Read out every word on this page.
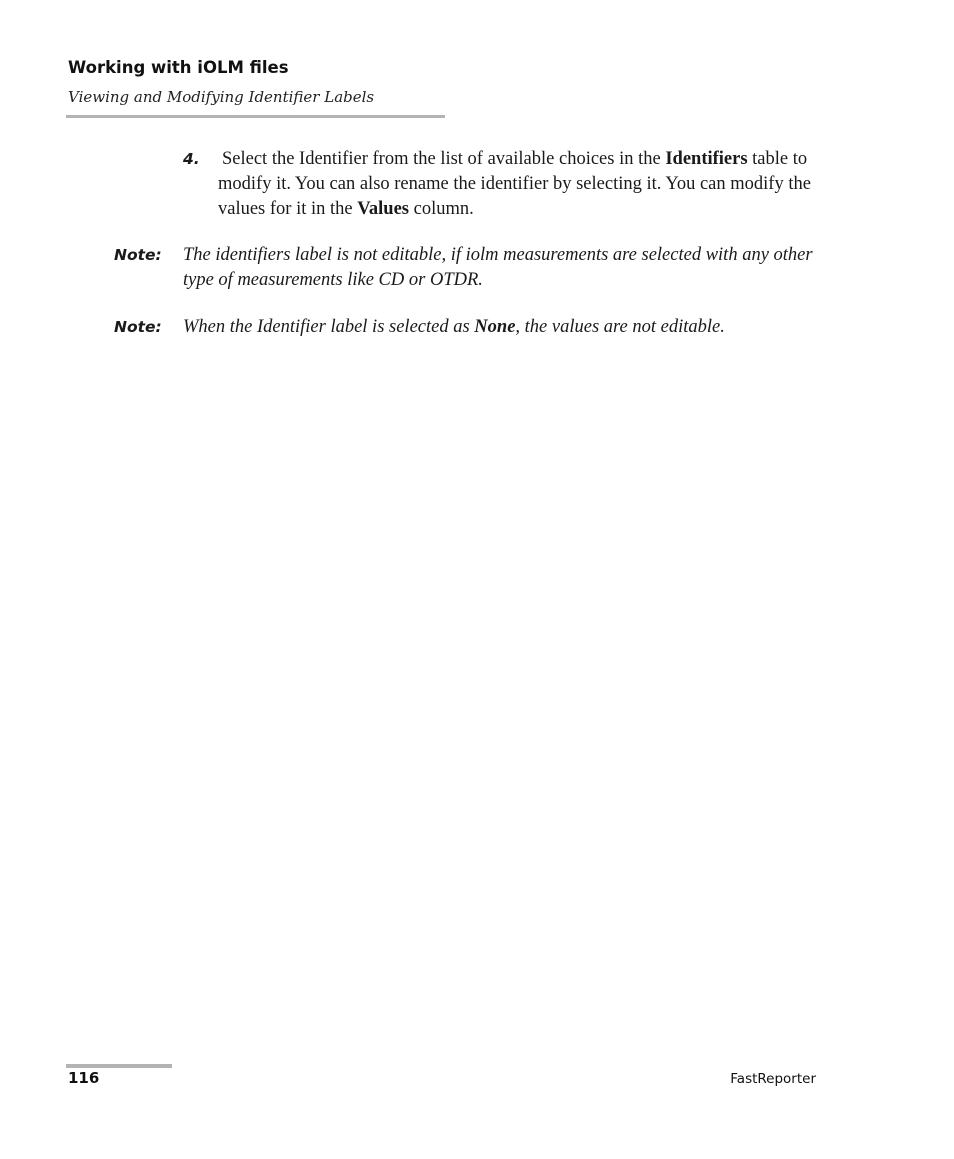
Working with iOLM files
Viewing and Modifying Identifier Labels
4. Select the Identifier from the list of available choices in the Identifiers table to modify it. You can also rename the identifier by selecting it. You can modify the values for it in the Values column.
Note: The identifiers label is not editable, if iolm measurements are selected with any other type of measurements like CD or OTDR.
Note: When the Identifier label is selected as None, the values are not editable.
116	FastReporter
